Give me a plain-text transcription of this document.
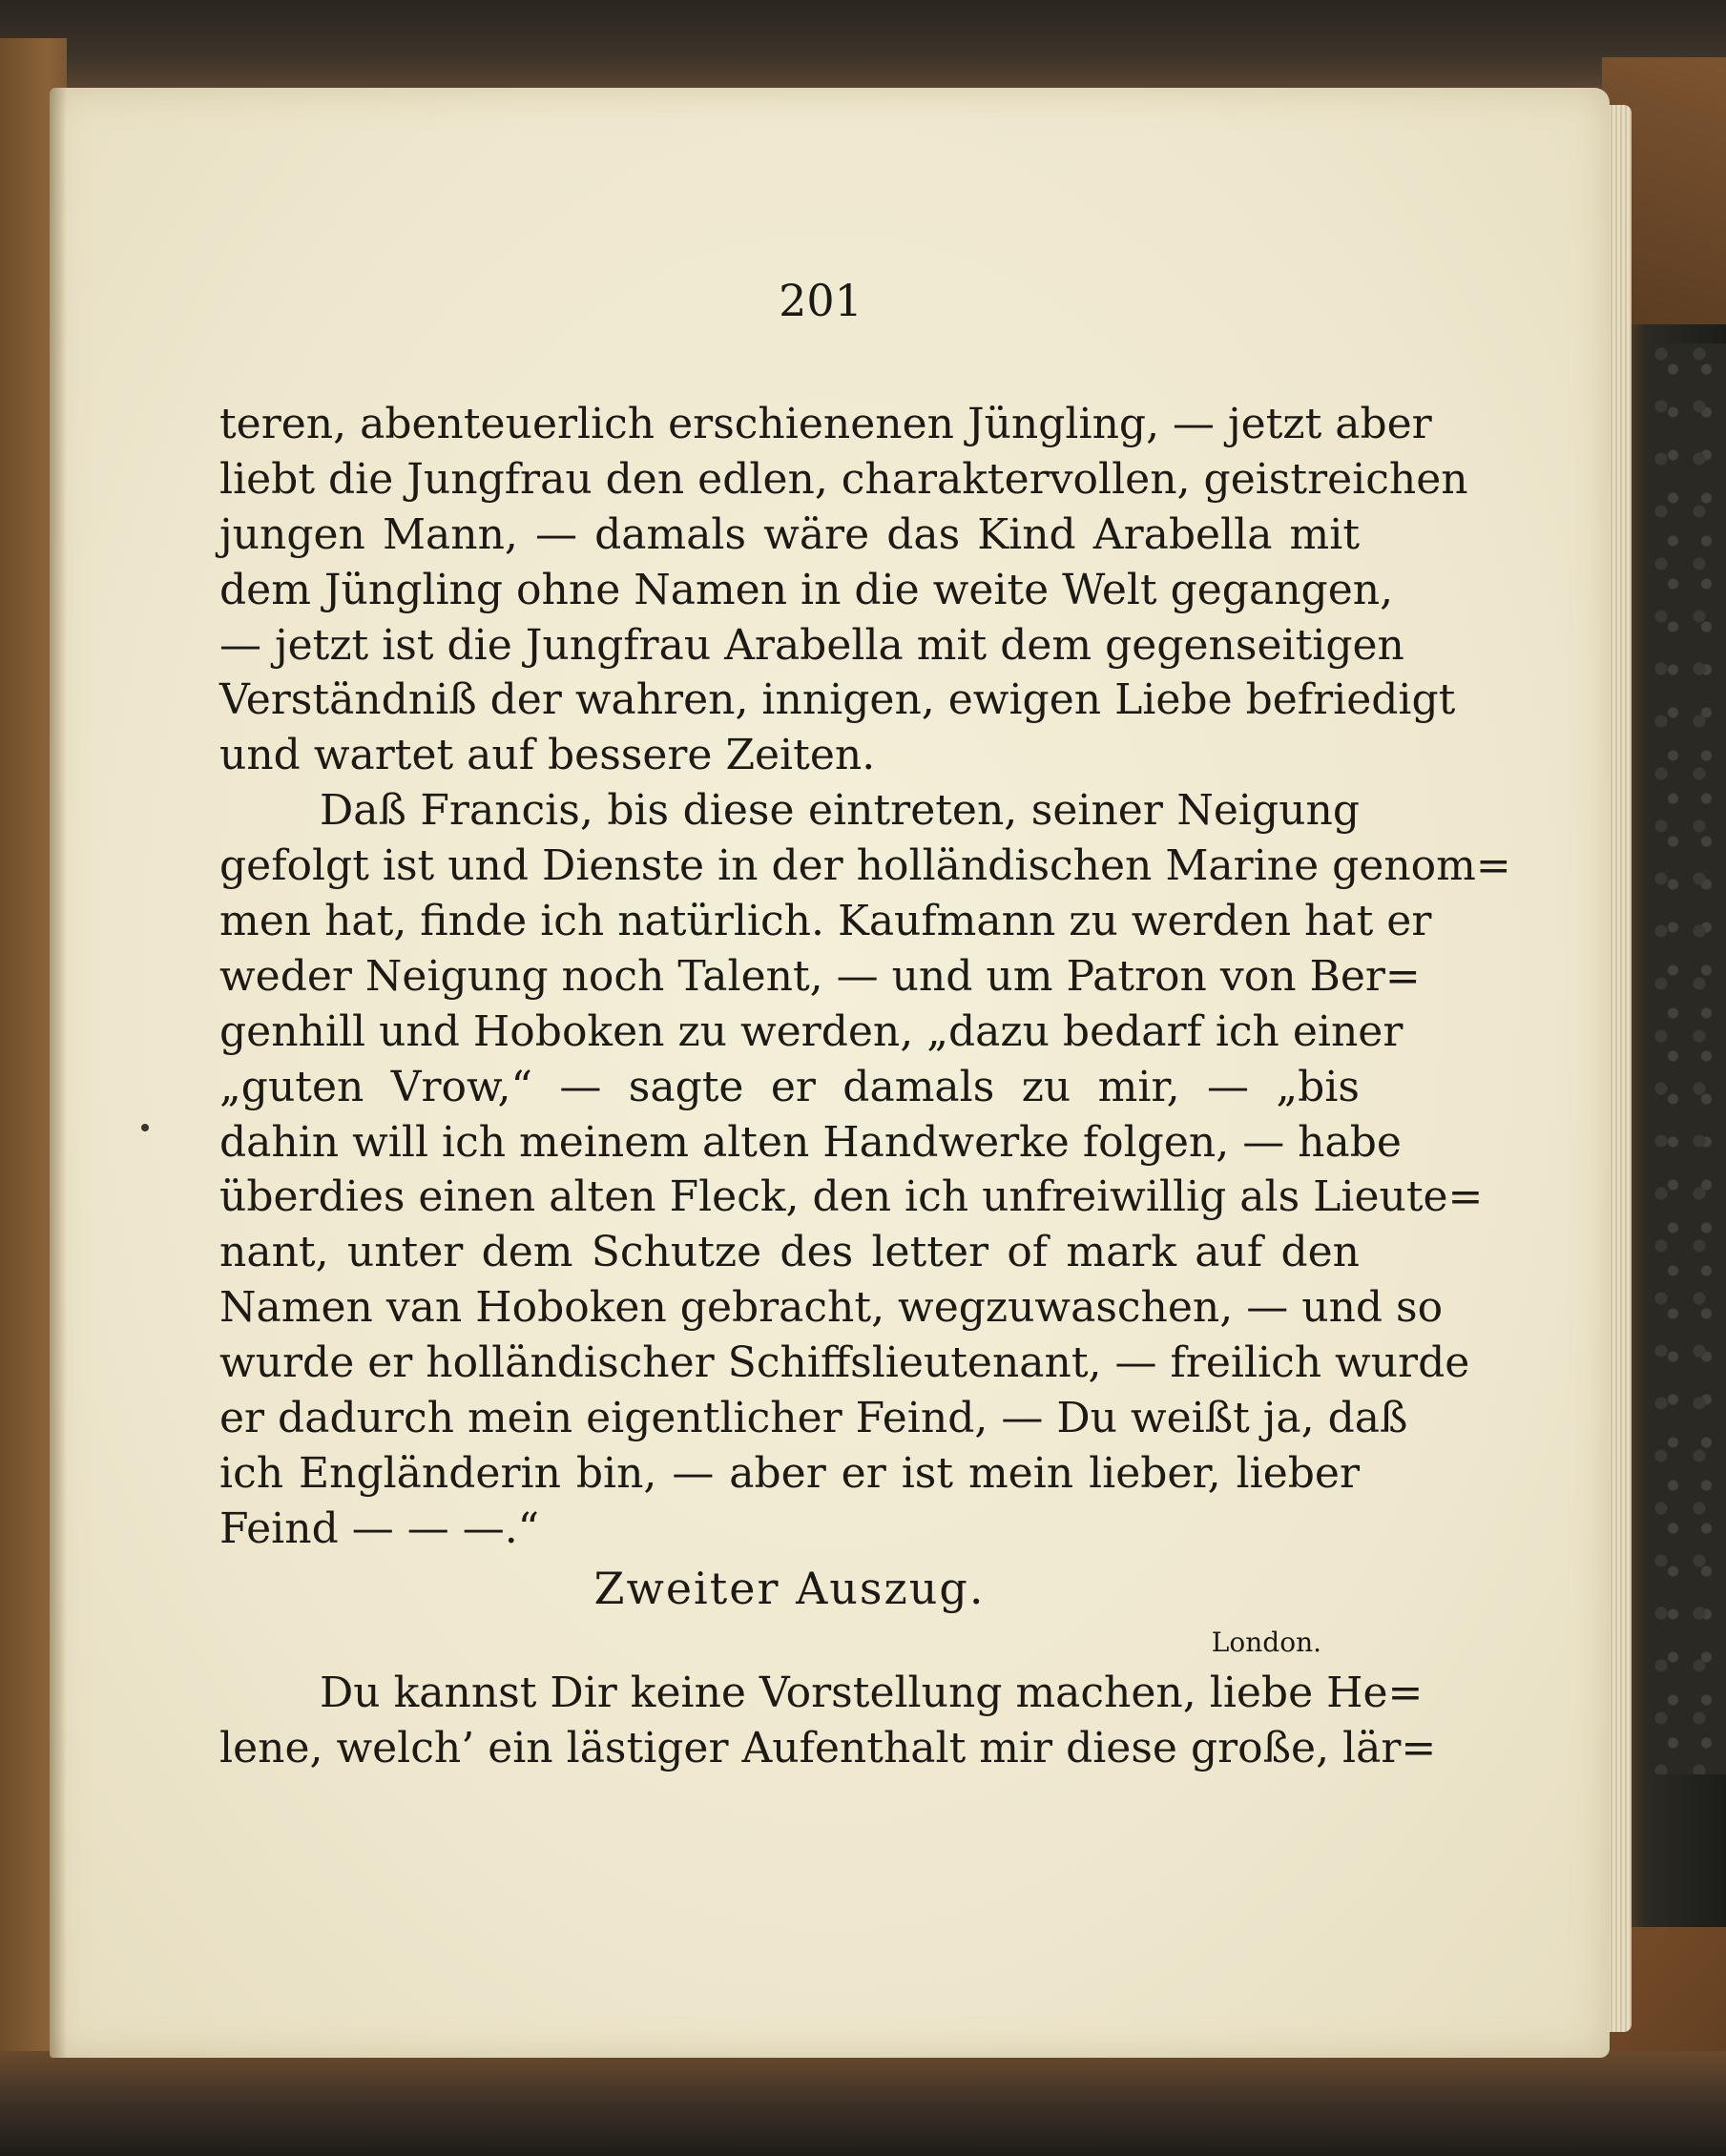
201
teren, abenteuerlich erschienenen Jüngling, — jetzt aber
liebt die Jungfrau den edlen, charaktervollen, geistreichen
jungen Mann, — damals wäre das Kind Arabella mit
dem Jüngling ohne Namen in die weite Welt gegangen,
— jetzt ist die Jungfrau Arabella mit dem gegenseitigen
Verständniß der wahren, innigen, ewigen Liebe befriedigt
und wartet auf bessere Zeiten.
Daß Francis, bis diese eintreten, seiner Neigung
gefolgt ist und Dienste in der holländischen Marine genom=
men hat, finde ich natürlich. Kaufmann zu werden hat er
weder Neigung noch Talent, — und um Patron von Ber=
genhill und Hoboken zu werden, „dazu bedarf ich einer
„guten Vrow,“ — sagte er damals zu mir, — „bis
dahin will ich meinem alten Handwerke folgen, — habe
überdies einen alten Fleck, den ich unfreiwillig als Lieute=
nant, unter dem Schutze des letter of mark auf den
Namen van Hoboken gebracht, wegzuwaschen, — und so
wurde er holländischer Schiffslieutenant, — freilich wurde
er dadurch mein eigentlicher Feind, — Du weißt ja, daß
ich Engländerin bin, — aber er ist mein lieber, lieber
Feind — — —.“
Zweiter Auszug.
London.
Du kannst Dir keine Vorstellung machen, liebe He=
lene, welch’ ein lästiger Aufenthalt mir diese große, lär=
